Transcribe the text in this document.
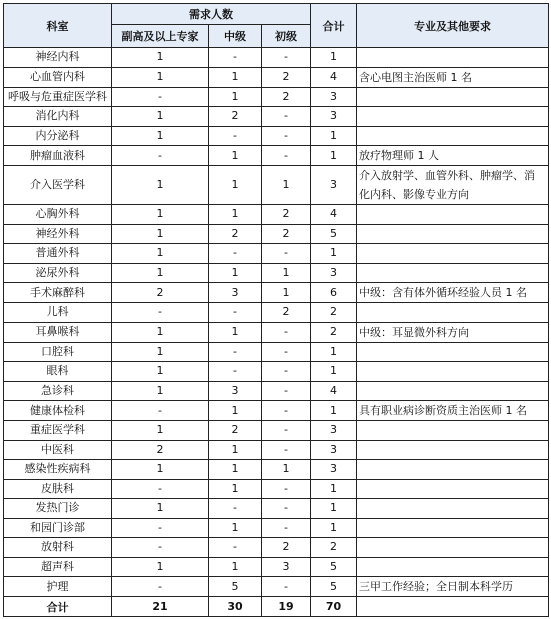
科室	需求人数			合计	专业及其他要求
	副高及以上专家	中级	初级		
神经内科	1	-	-	1	
心血管内科	1	1	2	4	含心电图主治医师 1 名
呼吸与危重症医学科	-	1	2	3	
消化内科	1	2	-	3	
内分泌科	1	-	-	1	
肿瘤血液科	-	1	-	1	放疗物理师 1 人
介入医学科	1	1	1	3	介入放射学、血管外科、肿瘤学、消化内科、影像专业方向
心胸外科	1	1	2	4	
神经外科	1	2	2	5	
普通外科	1	-	-	1	
泌尿外科	1	1	1	3	
手术麻醉科	2	3	1	6	中级：含有体外循环经验人员 1 名
儿科	-	-	2	2	
耳鼻喉科	1	1	-	2	中级：耳显微外科方向
口腔科	1	-	-	1	
眼科	1	-	-	1	
急诊科	1	3	-	4	
健康体检科	-	1	-	1	具有职业病诊断资质主治医师 1 名
重症医学科	1	2	-	3	
中医科	2	1	-	3	
感染性疾病科	1	1	1	3	
皮肤科	-	1	-	1	
发热门诊	1	-	-	1	
和园门诊部	-	1	-	1	
放射科	-	-	2	2	
超声科	1	1	3	5	
护理	-	5	-	5	三甲工作经验；全日制本科学历
合计	21	30	19	70	
